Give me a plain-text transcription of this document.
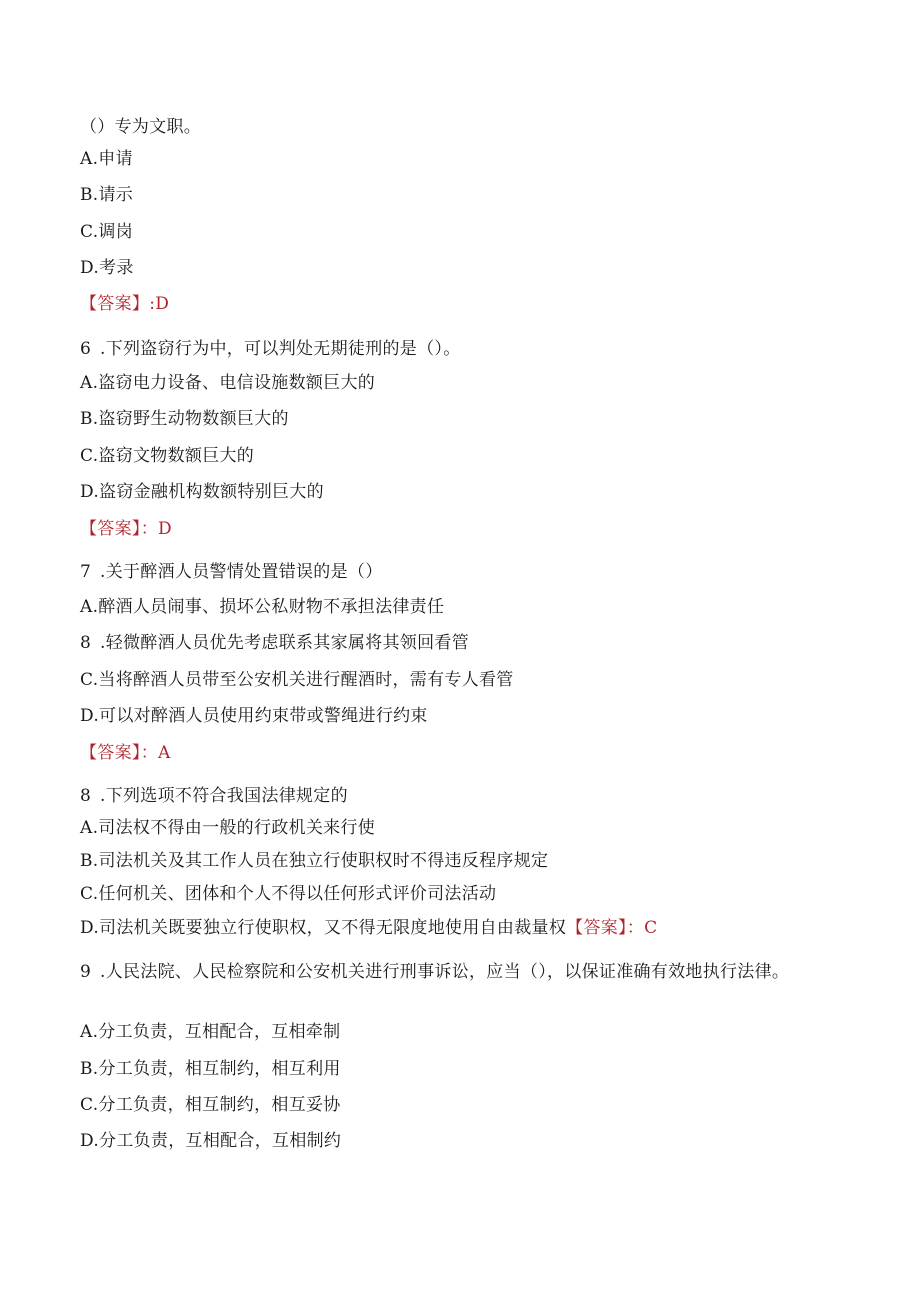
（）专为文职。
A.申请
B.请示
C.调岗
D.考录
【答案】:D
6 .下列盗窃行为中，可以判处无期徒刑的是（）。
A.盗窃电力设备、电信设施数额巨大的
B.盗窃野生动物数额巨大的
C.盗窃文物数额巨大的
D.盗窃金融机构数额特别巨大的
【答案】：D
7 .关于醉酒人员警情处置错误的是（）
A.醉酒人员闹事、损坏公私财物不承担法律责任
8 .轻微醉酒人员优先考虑联系其家属将其领回看管
C.当将醉酒人员带至公安机关进行醒酒时，需有专人看管
D.可以对醉酒人员使用约束带或警绳进行约束
【答案】：A
8 .下列选项不符合我国法律规定的
A.司法权不得由一般的行政机关来行使
B.司法机关及其工作人员在独立行使职权时不得违反程序规定
C.任何机关、团体和个人不得以任何形式评价司法活动
D.司法机关既要独立行使职权，又不得无限度地使用自由裁量权【答案】：C
9 .人民法院、人民检察院和公安机关进行刑事诉讼，应当（），以保证准确有效地执行法律。
A.分工负责，互相配合，互相牵制
B.分工负责，相互制约，相互利用
C.分工负责，相互制约，相互妥协
D.分工负责，互相配合，互相制约
